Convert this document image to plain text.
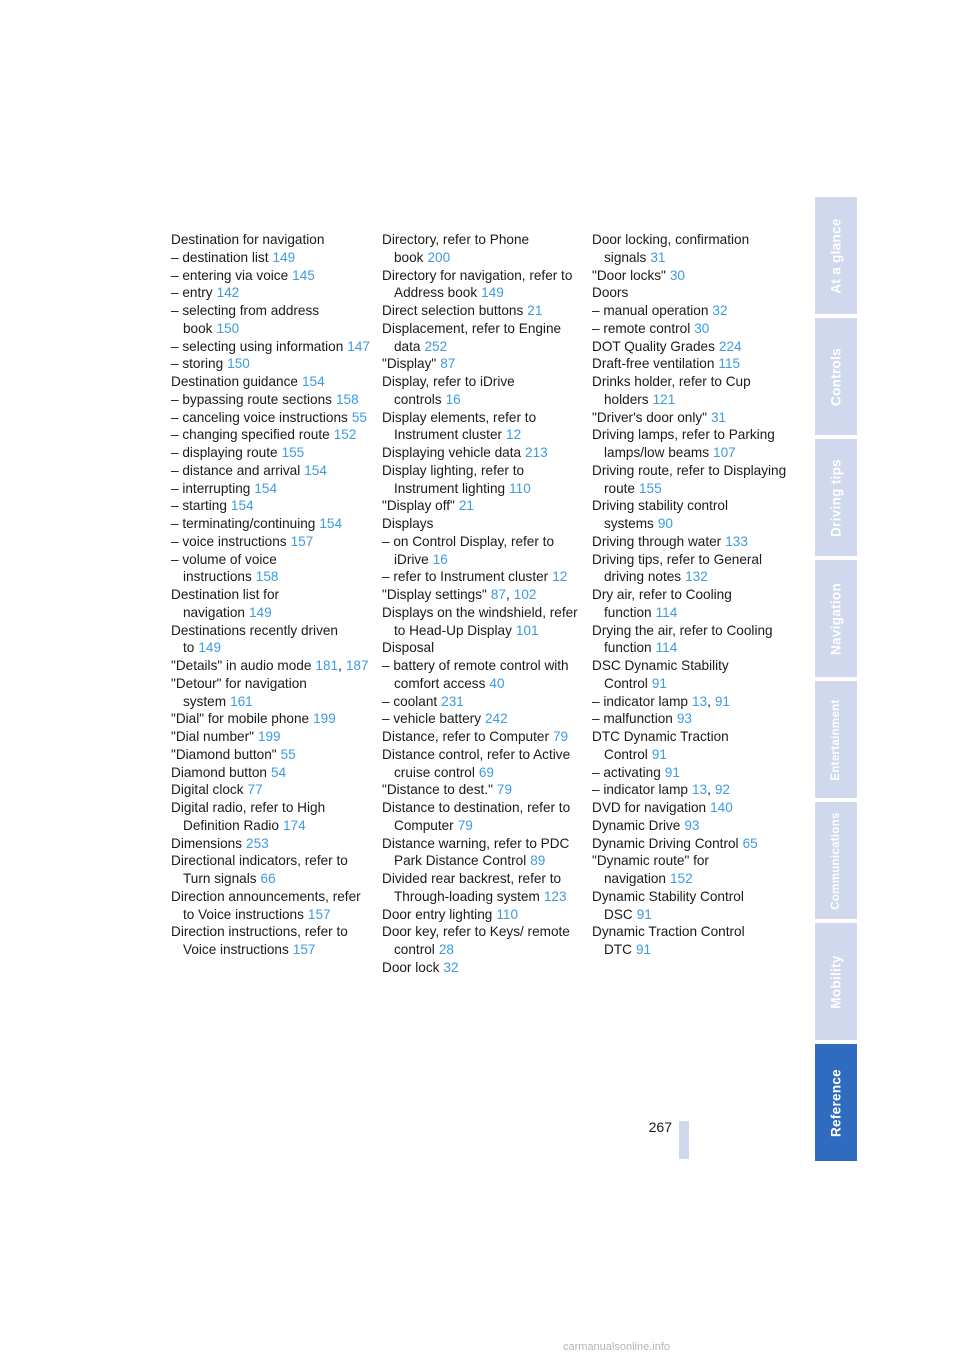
Destination for navigation
– destination list 149
– entering via voice 145
– entry 142
– selecting from address book 150
– selecting using information 147
– storing 150
Destination guidance 154
– bypassing route sections 158
– canceling voice instructions 55
– changing specified route 152
– displaying route 155
– distance and arrival 154
– interrupting 154
– starting 154
– terminating/continuing 154
– voice instructions 157
– volume of voice instructions 158
Destination list for navigation 149
Destinations recently driven to 149
"Details" in audio mode 181, 187
"Detour" for navigation system 161
"Dial" for mobile phone 199
"Dial number" 199
"Diamond button" 55
Diamond button 54
Digital clock 77
Digital radio, refer to High Definition Radio 174
Dimensions 253
Directional indicators, refer to Turn signals 66
Direction announcements, refer to Voice instructions 157
Direction instructions, refer to Voice instructions 157
Directory, refer to Phone book 200
Directory for navigation, refer to Address book 149
Direct selection buttons 21
Displacement, refer to Engine data 252
"Display" 87
Display, refer to iDrive controls 16
Display elements, refer to Instrument cluster 12
Displaying vehicle data 213
Display lighting, refer to Instrument lighting 110
"Display off" 21
Displays
– on Control Display, refer to iDrive 16
– refer to Instrument cluster 12
"Display settings" 87, 102
Displays on the windshield, refer to Head-Up Display 101
Disposal
– battery of remote control with comfort access 40
– coolant 231
– vehicle battery 242
Distance, refer to Computer 79
Distance control, refer to Active cruise control 69
"Distance to dest." 79
Distance to destination, refer to Computer 79
Distance warning, refer to PDC Park Distance Control 89
Divided rear backrest, refer to Through-loading system 123
Door entry lighting 110
Door key, refer to Keys/ remote control 28
Door lock 32
Door locking, confirmation signals 31
"Door locks" 30
Doors
– manual operation 32
– remote control 30
DOT Quality Grades 224
Draft-free ventilation 115
Drinks holder, refer to Cup holders 121
"Driver's door only" 31
Driving lamps, refer to Parking lamps/low beams 107
Driving route, refer to Displaying route 155
Driving stability control systems 90
Driving through water 133
Driving tips, refer to General driving notes 132
Dry air, refer to Cooling function 114
Drying the air, refer to Cooling function 114
DSC Dynamic Stability Control 91
– indicator lamp 13, 91
– malfunction 93
DTC Dynamic Traction Control 91
– activating 91
– indicator lamp 13, 92
DVD for navigation 140
Dynamic Drive 93
Dynamic Driving Control 65
"Dynamic route" for navigation 152
Dynamic Stability Control DSC 91
Dynamic Traction Control DTC 91
At a glance
Controls
Driving tips
Navigation
Entertainment
Communications
Mobility
Reference
267
carmanualsonline.info
